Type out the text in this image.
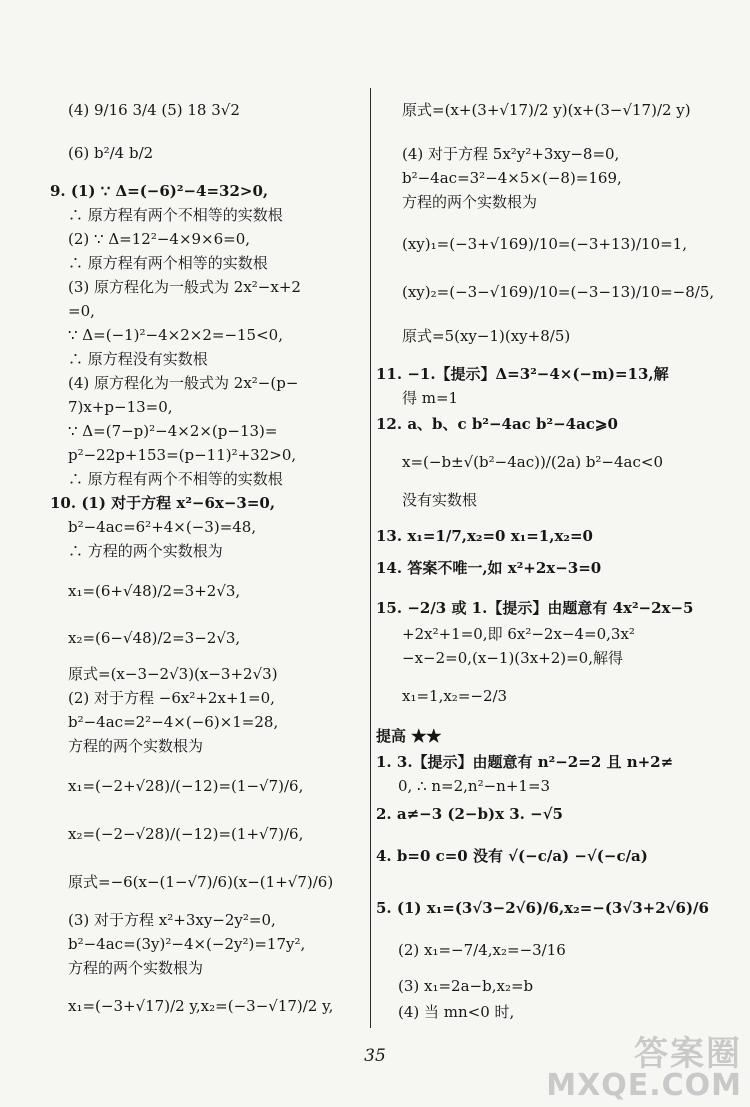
(4) 9/16 3/4 (5) 18 3√2
(6) b²/4 b/2
9. (1) ∵ Δ=(−6)²−4=32>0,
∴ 原方程有两个不相等的实数根
(2) ∵ Δ=12²−4×9×6=0,
∴ 原方程有两个相等的实数根
(3) 原方程化为一般式为 2x²−x+2
=0,
∵ Δ=(−1)²−4×2×2=−15<0,
∴ 原方程没有实数根
(4) 原方程化为一般式为 2x²−(p−
7)x+p−13=0,
∵ Δ=(7−p)²−4×2×(p−13)=
p²−22p+153=(p−11)²+32>0,
∴ 原方程有两个不相等的实数根
10. (1) 对于方程 x²−6x−3=0,
b²−4ac=6²+4×(−3)=48,
∴ 方程的两个实数根为
x₁=(6+√48)/2=3+2√3,
x₂=(6−√48)/2=3−2√3,
原式=(x−3−2√3)(x−3+2√3)
(2) 对于方程 −6x²+2x+1=0,
b²−4ac=2²−4×(−6)×1=28,
方程的两个实数根为
x₁=(−2+√28)/(−12)=(1−√7)/6,
x₂=(−2−√28)/(−12)=(1+√7)/6,
原式=−6(x−(1−√7)/6)(x−(1+√7)/6)
(3) 对于方程 x²+3xy−2y²=0,
b²−4ac=(3y)²−4×(−2y²)=17y²,
方程的两个实数根为
x₁=(−3+√17)/2 y,x₂=(−3−√17)/2 y,
原式=(x+(3+√17)/2 y)(x+(3−√17)/2 y)
(4) 对于方程 5x²y²+3xy−8=0,
b²−4ac=3²−4×5×(−8)=169,
方程的两个实数根为
(xy)₁=(−3+√169)/10=(−3+13)/10=1,
(xy)₂=(−3−√169)/10=(−3−13)/10=−8/5,
原式=5(xy−1)(xy+8/5)
11. −1.【提示】Δ=3²−4×(−m)=13,解
得 m=1
12. a、b、c b²−4ac b²−4ac⩾0
x=(−b±√(b²−4ac))/(2a) b²−4ac<0
没有实数根
13. x₁=1/7,x₂=0 x₁=1,x₂=0
14. 答案不唯一,如 x²+2x−3=0
15. −2/3 或 1.【提示】由题意有 4x²−2x−5
+2x²+1=0,即 6x²−2x−4=0,3x²
−x−2=0,(x−1)(3x+2)=0,解得
x₁=1,x₂=−2/3
提高 ★★
1. 3.【提示】由题意有 n²−2=2 且 n+2≠
0, ∴ n=2,n²−n+1=3
2. a≠−3 (2−b)x 3. −√5
4. b=0 c=0 没有 √(−c/a) −√(−c/a)
5. (1) x₁=(3√3−2√6)/6,x₂=−(3√3+2√6)/6
(2) x₁=−7/4,x₂=−3/16
(3) x₁=2a−b,x₂=b
(4) 当 mn<0 时,
35	答案圈
MXQE.COM
